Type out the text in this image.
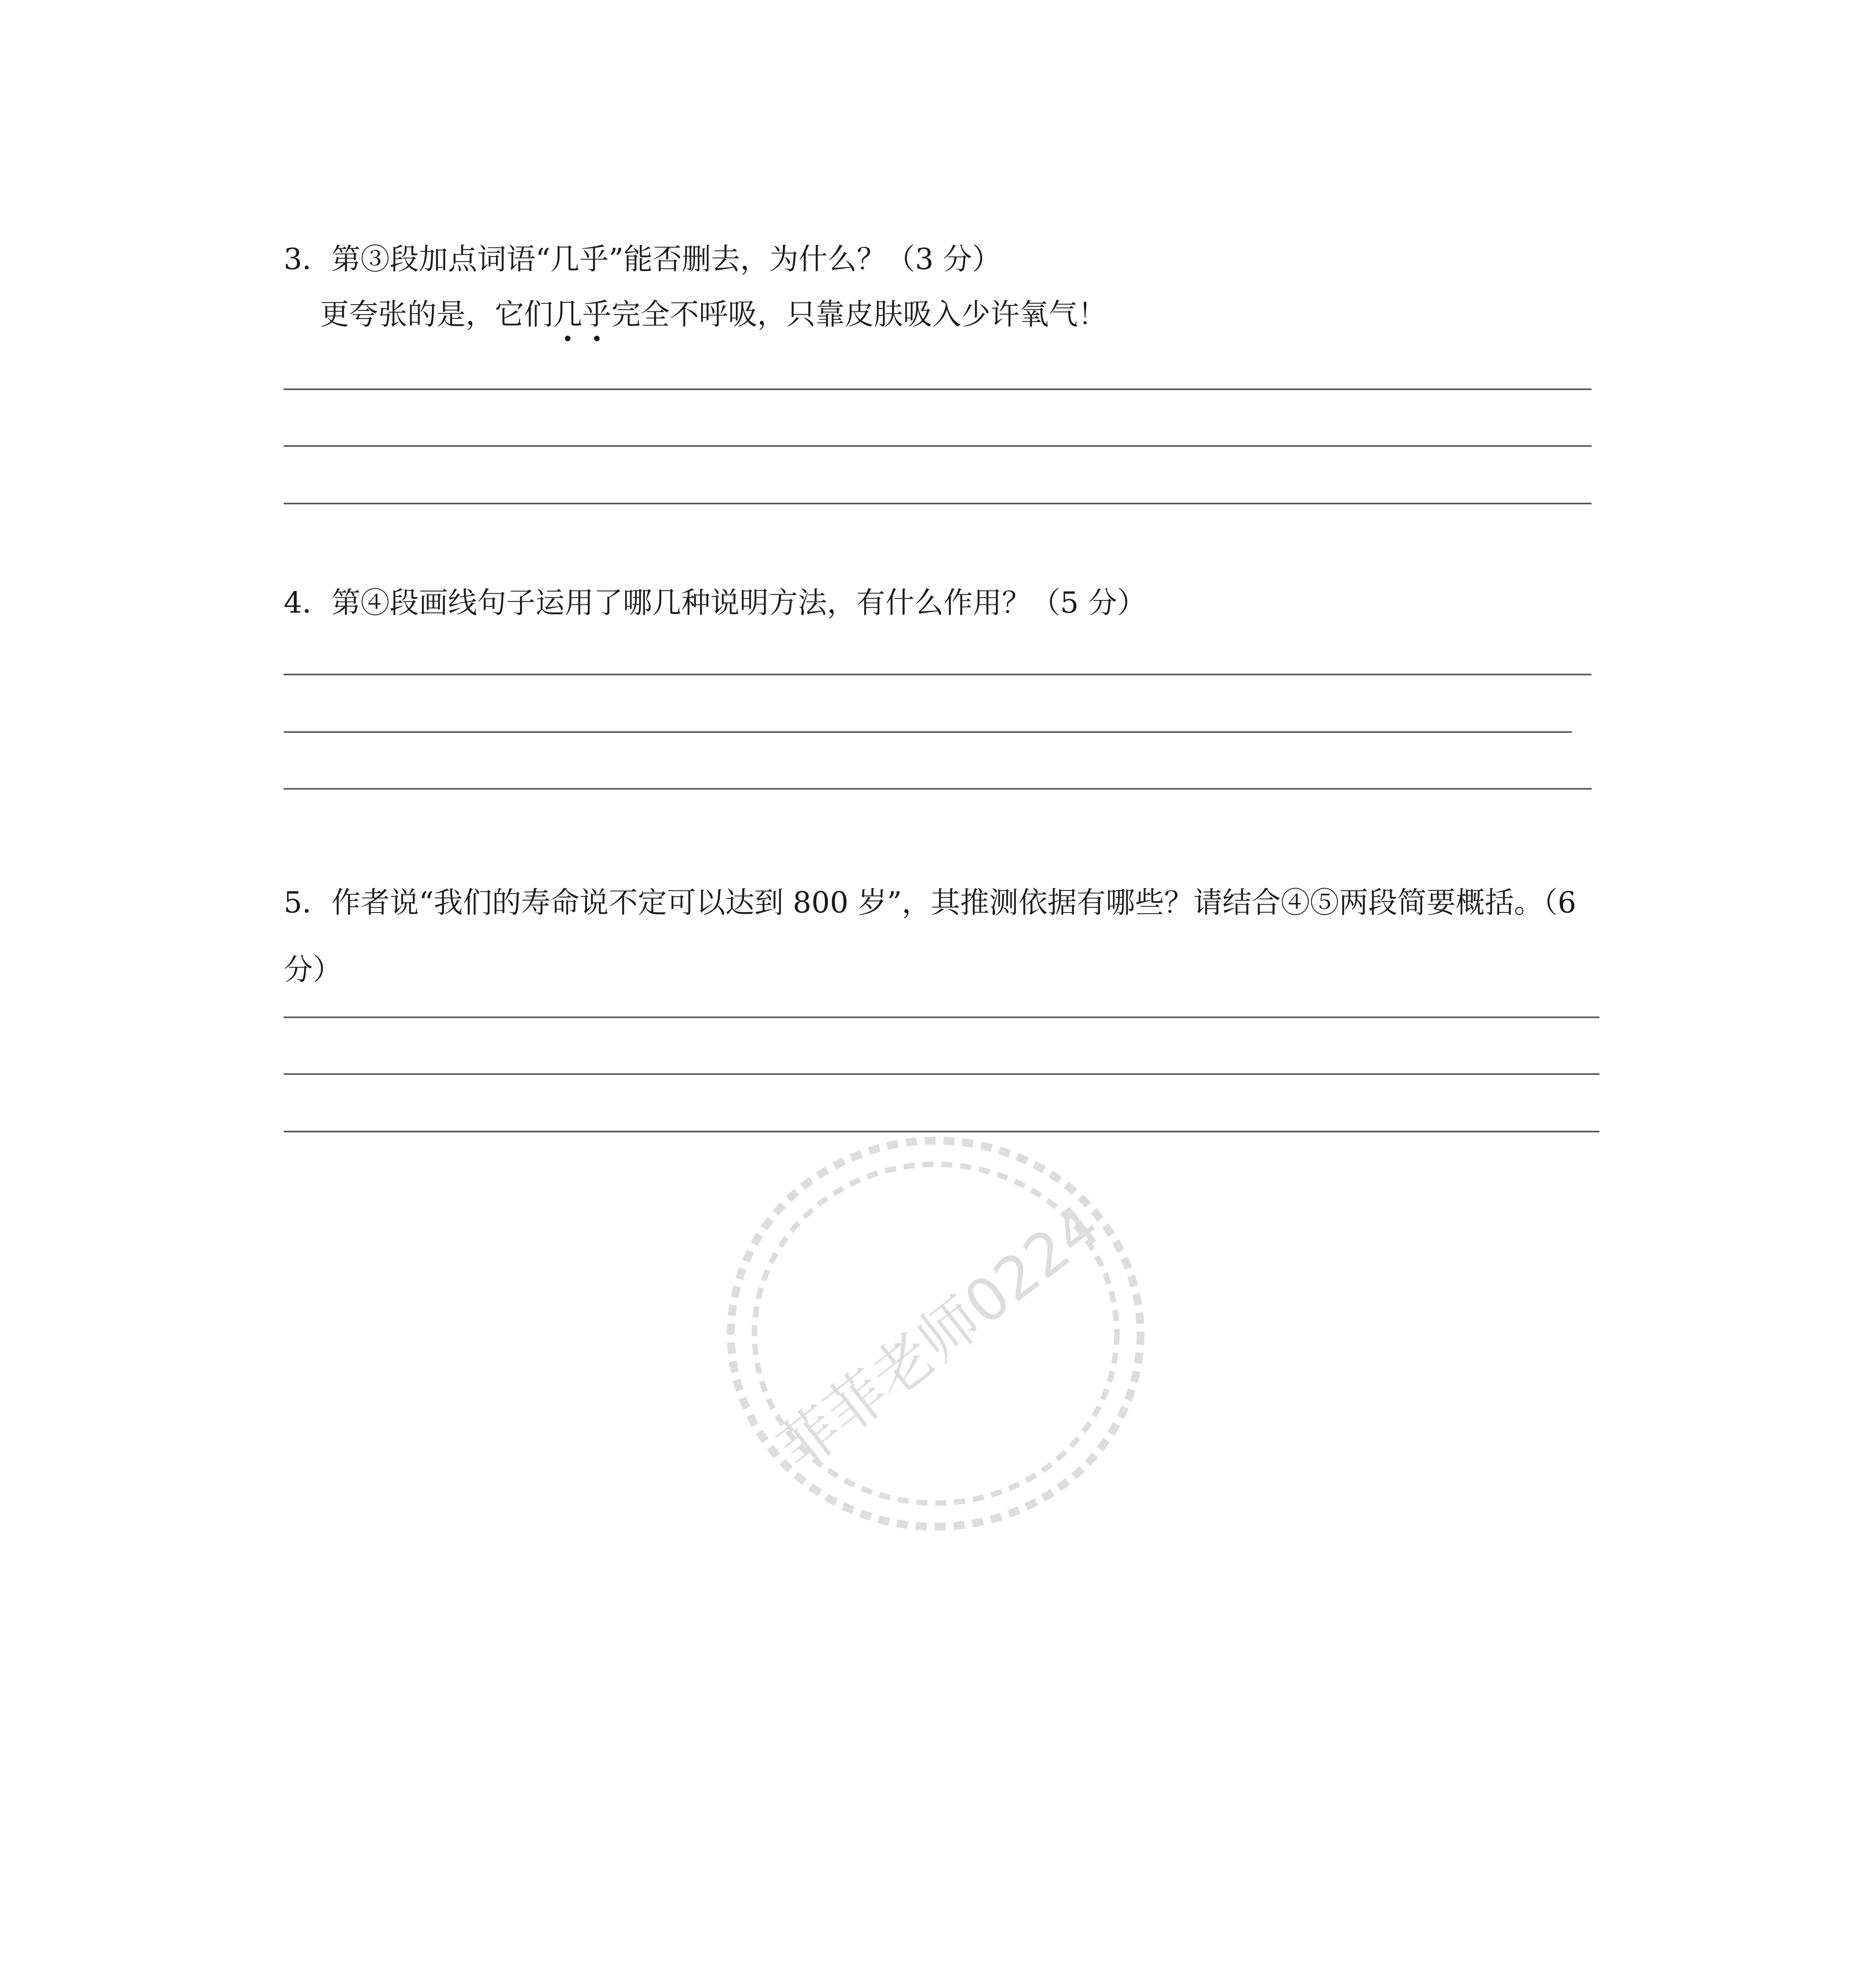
3．第③段加点词语“几乎”能否删去，为什么？（3 分）
更夸张的是，它们几
乎
完全不呼吸，只靠皮肤吸入少许氧气！
4．第④段画线句子运用了哪几种说明方法，有什么作用？（5 分）
5．作者说“我们的寿命说不定可以达到 800 岁”，其推测依据有哪些？请结合④⑤两段简要概括。（6 分）
菲菲老师0224
